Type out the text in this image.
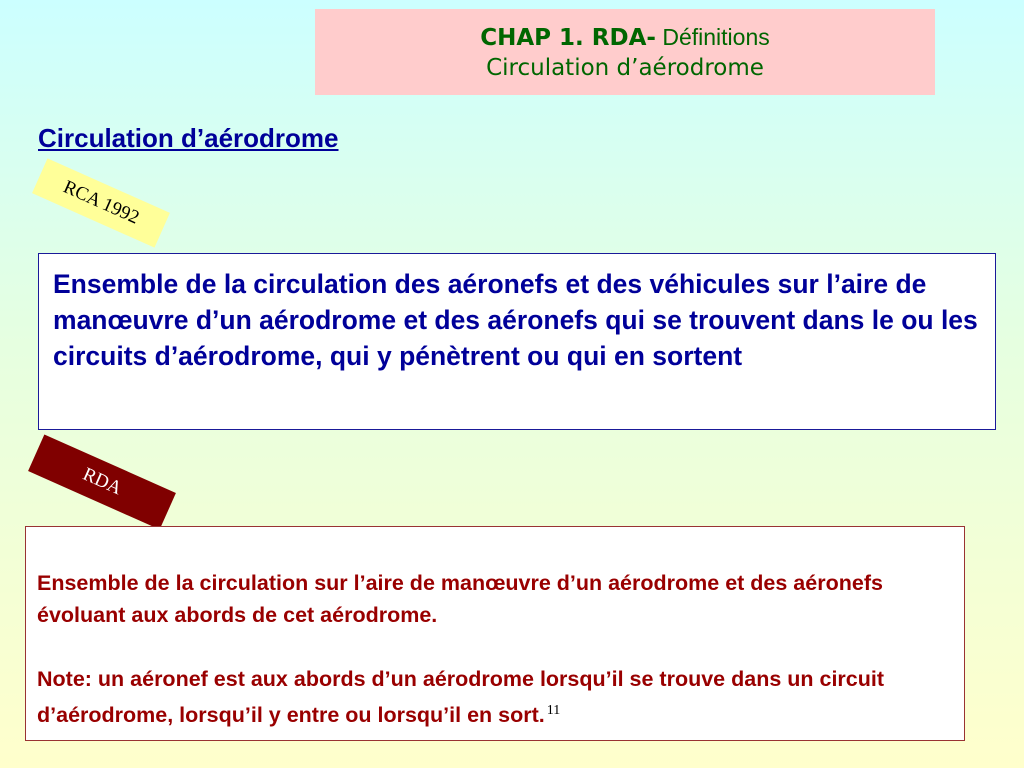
CHAP 1. RDA- Définitions
Circulation d’aérodrome
Circulation d’aérodrome
RCA 1992
Ensemble de la circulation des aéronefs et des véhicules sur l’aire de manœuvre d’un aérodrome et des aéronefs qui se trouvent dans le ou les circuits d’aérodrome, qui y pénètrent ou qui en sortent
RDA

Ensemble de la circulation sur l’aire de manœuvre d’un aérodrome et des aéronefs évoluant aux abords de cet aérodrome.

Note: un aéronef est aux abords d’un aérodrome lorsqu’il se trouve dans un circuit d’aérodrome, lorsqu’il y entre ou lorsqu’il en sort. $^{11}$
